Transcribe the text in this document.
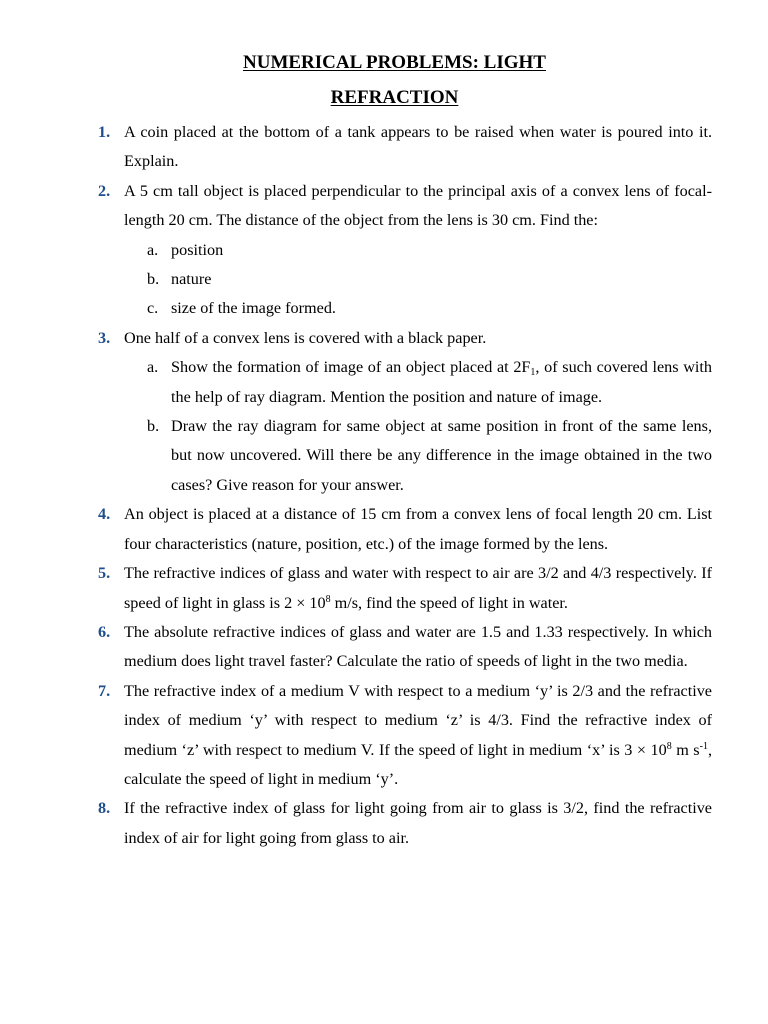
NUMERICAL PROBLEMS: LIGHT
REFRACTION
1. A coin placed at the bottom of a tank appears to be raised when water is poured into it. Explain.
2. A 5 cm tall object is placed perpendicular to the principal axis of a convex lens of focal- length 20 cm. The distance of the object from the lens is 30 cm. Find the:
a. position
b. nature
c. size of the image formed.
3. One half of a convex lens is covered with a black paper.
a. Show the formation of image of an object placed at $2F_1$, of such covered lens with the help of ray diagram. Mention the position and nature of image.
b. Draw the ray diagram for same object at same position in front of the same lens, but now uncovered. Will there be any difference in the image obtained in the two cases? Give reason for your answer.
4. An object is placed at a distance of 15 cm from a convex lens of focal length 20 cm. List four characteristics (nature, position, etc.) of the image formed by the lens.
5. The refractive indices of glass and water with respect to air are 3/2 and 4/3 respectively. If speed of light in glass is $2 \times 10^8$ m/s, find the speed of light in water.
6. The absolute refractive indices of glass and water are 1.5 and 1.33 respectively. In which medium does light travel faster? Calculate the ratio of speeds of light in the two media.
7. The refractive index of a medium V with respect to a medium ‘y’ is 2/3 and the refractive index of medium ‘y’ with respect to medium ‘z’ is 4/3. Find the refractive index of medium ‘z’ with respect to medium V. If the speed of light in medium ‘x’ is $3 \times 10^8$ m $s^{-1}$, calculate the speed of light in medium ‘y’.
8. If the refractive index of glass for light going from air to glass is 3/2, find the refractive index of air for light going from glass to air.
